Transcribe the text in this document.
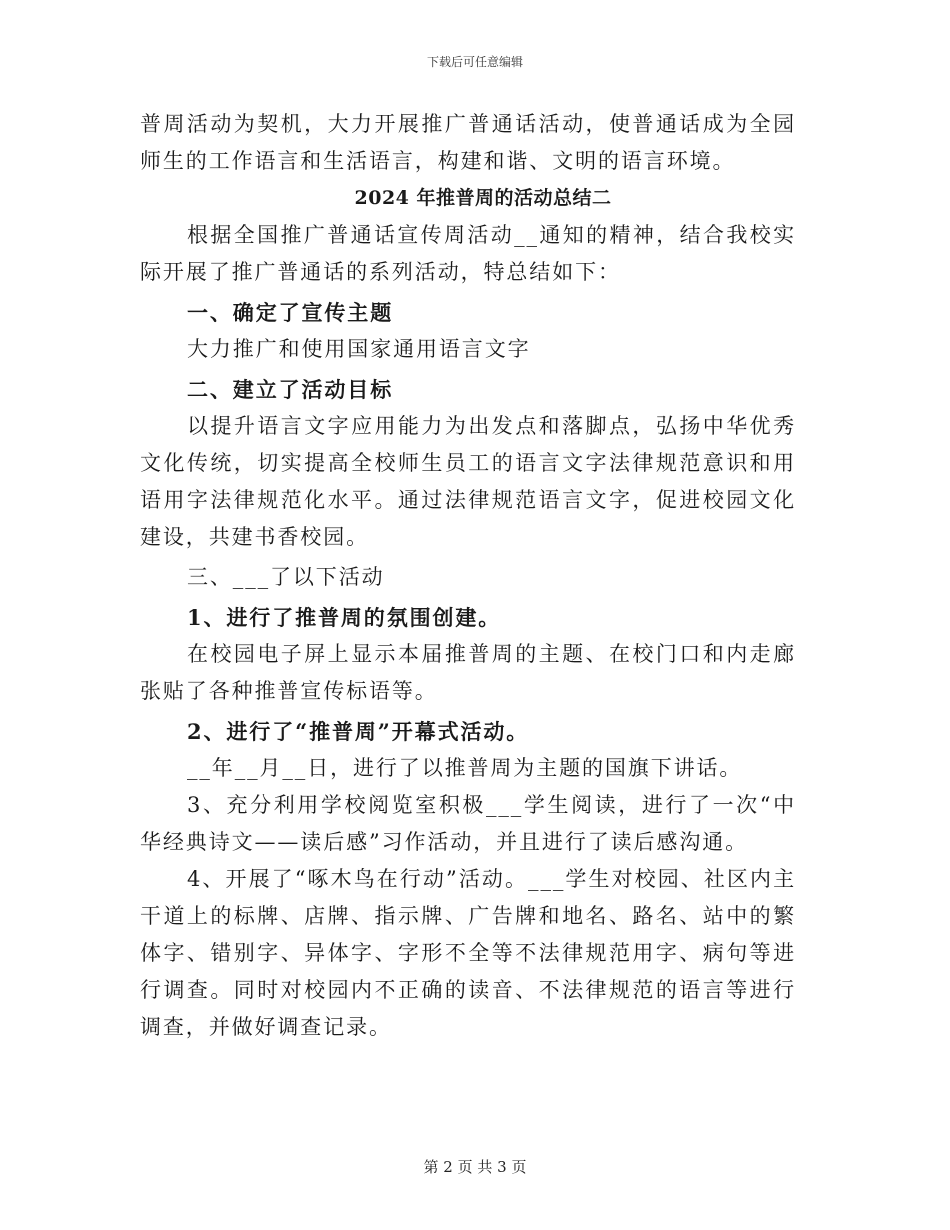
下载后可任意编辑

普周活动为契机，大力开展推广普通话活动，使普通话成为全园师生的工作语言和生活语言，构建和谐、文明的语言环境。

2024 年推普周的活动总结二

根据全国推广普通话宣传周活动__通知的精神，结合我校实际开展了推广普通话的系列活动，特总结如下：

一、确定了宣传主题

大力推广和使用国家通用语言文字

二、建立了活动目标

以提升语言文字应用能力为出发点和落脚点，弘扬中华优秀文化传统，切实提高全校师生员工的语言文字法律规范意识和用语用字法律规范化水平。通过法律规范语言文字，促进校园文化建设，共建书香校园。

三、___了以下活动

1、进行了推普周的氛围创建。

在校园电子屏上显示本届推普周的主题、在校门口和内走廊张贴了各种推普宣传标语等。

2、进行了“推普周”开幕式活动。

__年__月__日，进行了以推普周为主题的国旗下讲话。

3、充分利用学校阅览室积极___学生阅读，进行了一次“中华经典诗文——读后感”习作活动，并且进行了读后感沟通。

4、开展了“啄木鸟在行动”活动。___学生对校园、社区内主干道上的标牌、店牌、指示牌、广告牌和地名、路名、站中的繁体字、错别字、异体字、字形不全等不法律规范用字、病句等进行调查。同时对校园内不正确的读音、不法律规范的语言等进行调查，并做好调查记录。

第 2 页 共 3 页
